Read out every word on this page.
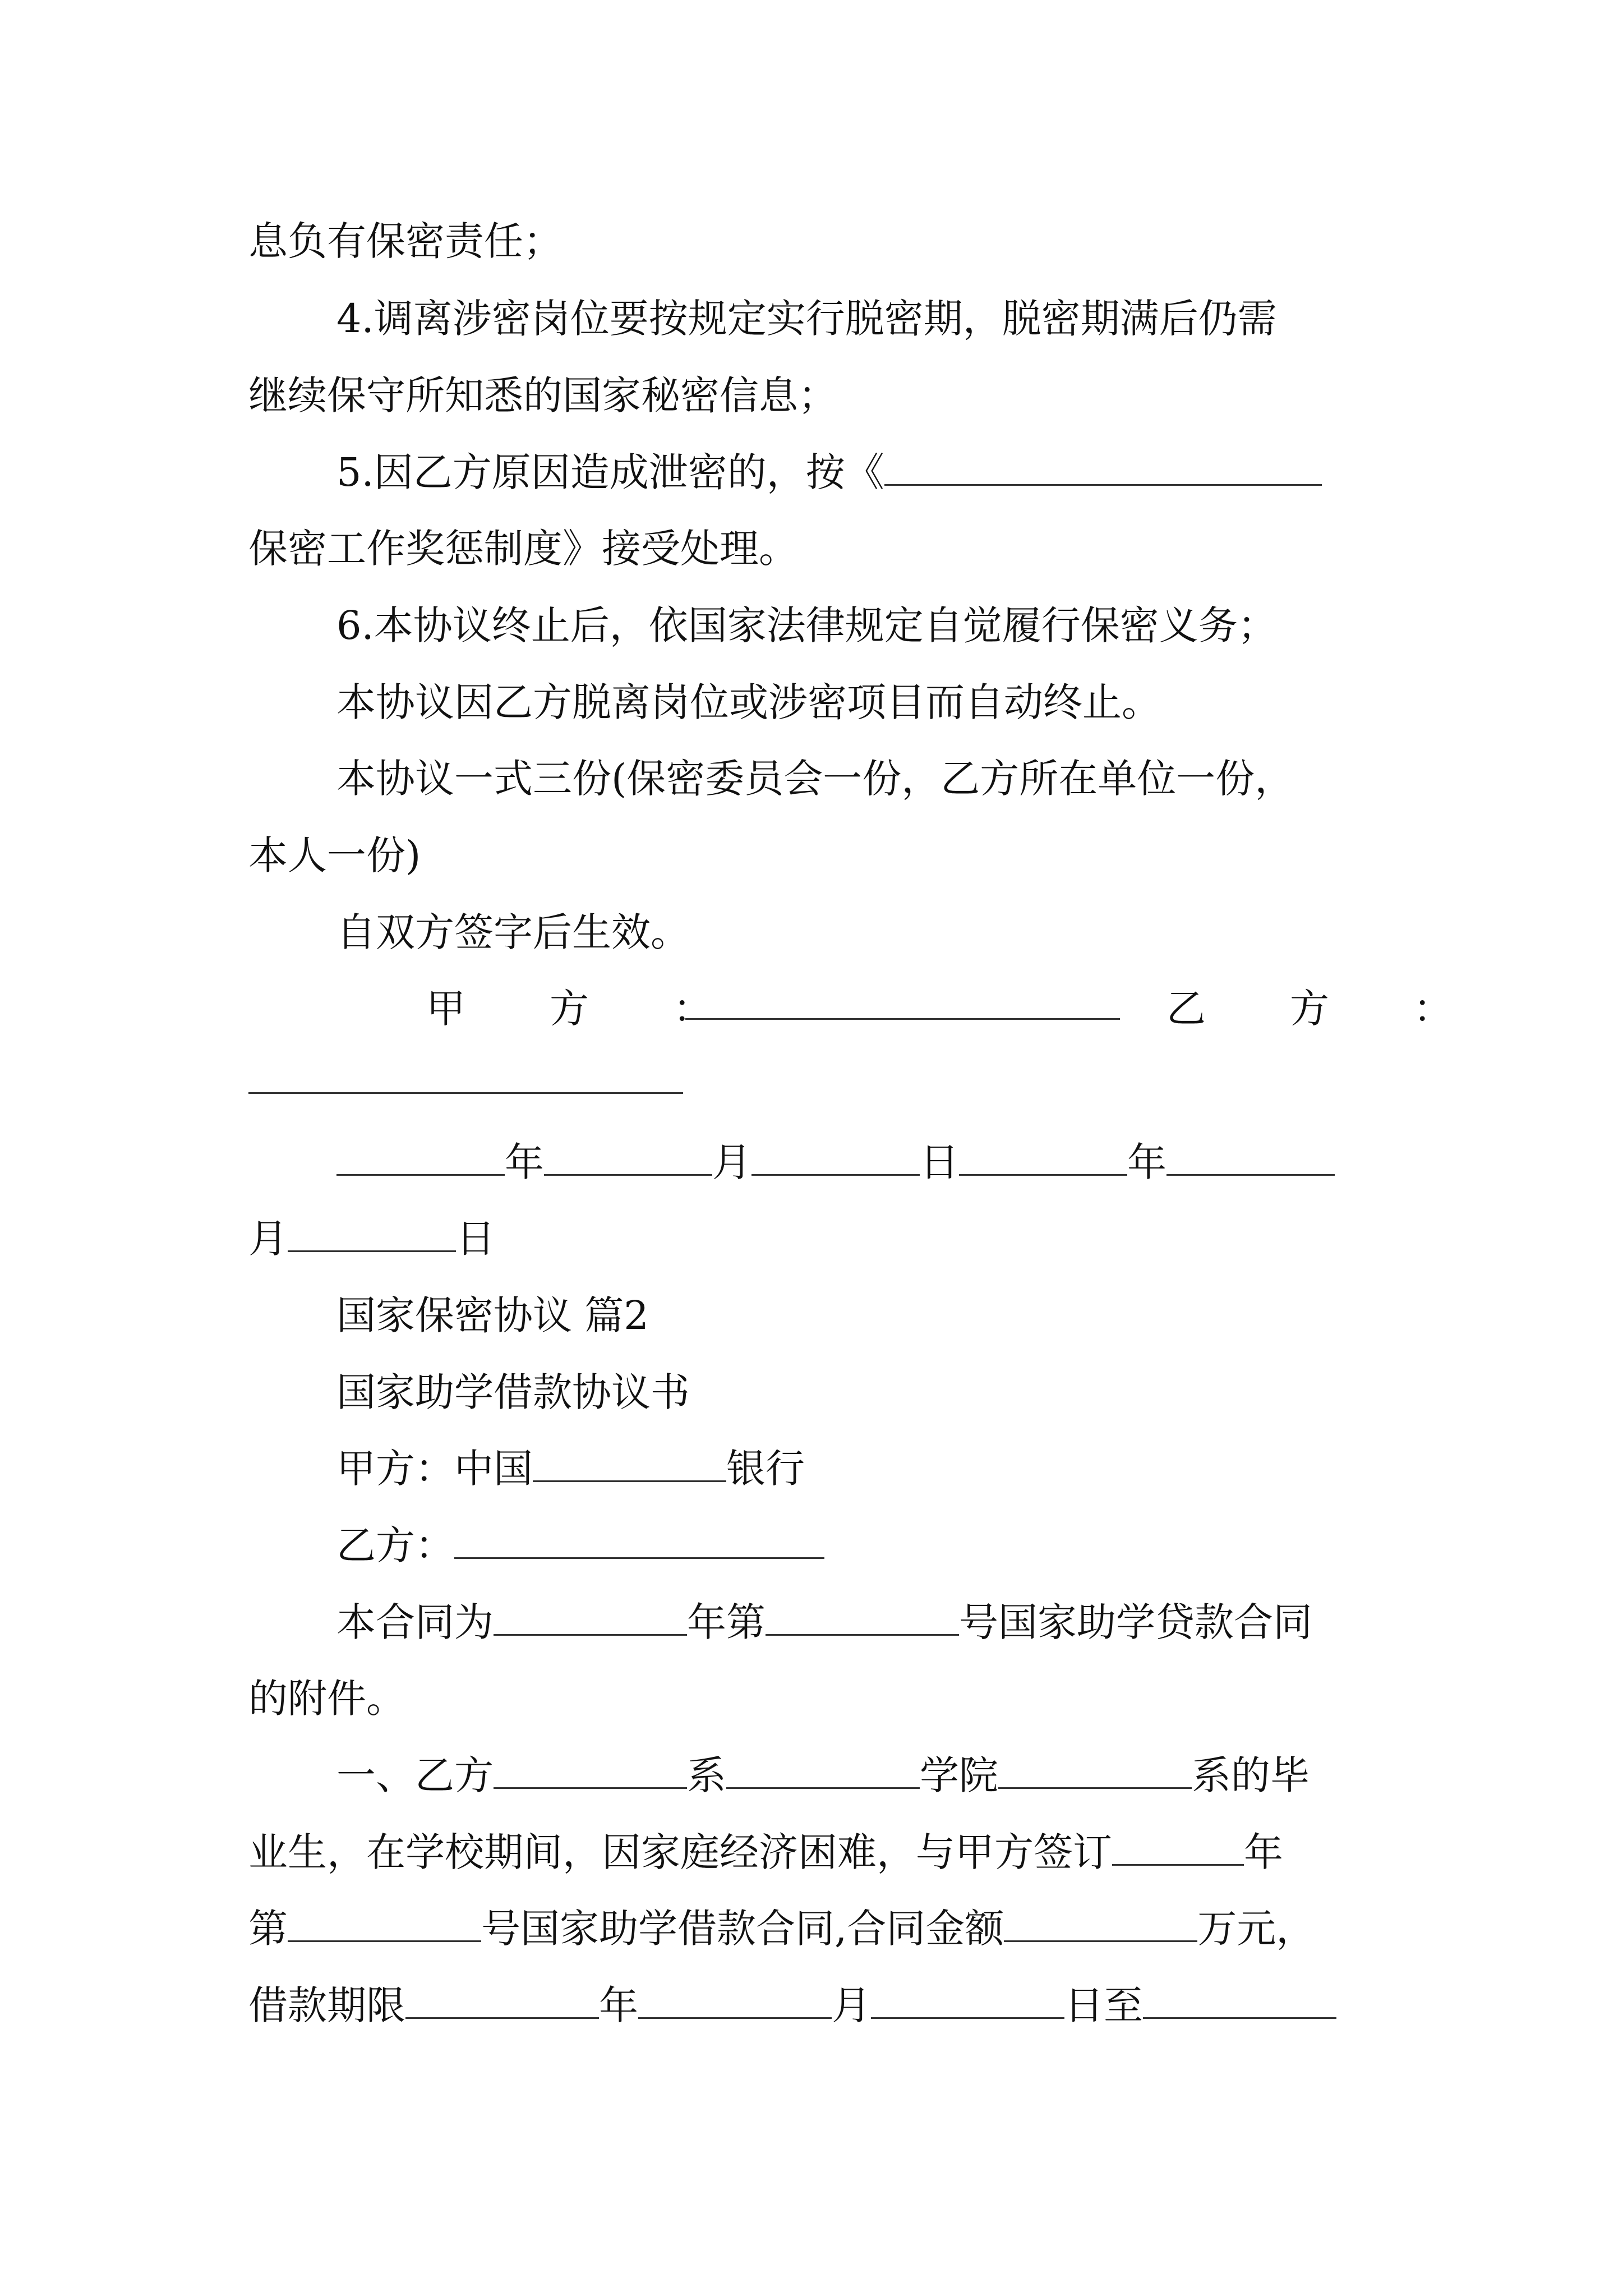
息负有保密责任；
4.调离涉密岗位要按规定实行脱密期，脱密期满后仍需
继续保守所知悉的国家秘密信息；
5.因乙方原因造成泄密的，按《
保密工作奖惩制度》接受处理。
6.本协议终止后，依国家法律规定自觉履行保密义务；
本协议因乙方脱离岗位或涉密项目而自动终止。
本协议一式三份(保密委员会一份，乙方所在单位一份，
本人一份)
自双方签字后生效。
甲　方　：	乙　方　：
年	月	日	年
月	日
国家保密协议 篇2
国家助学借款协议书
甲方：中国	银行
乙方：
本合同为	年第	号国家助学贷款合同
的附件。
一、乙方	系	学院	系的毕
业生，在学校期间，因家庭经济困难，与甲方签订	年
第	号国家助学借款合同,合同金额	万元，
借款期限	年	月	日至
